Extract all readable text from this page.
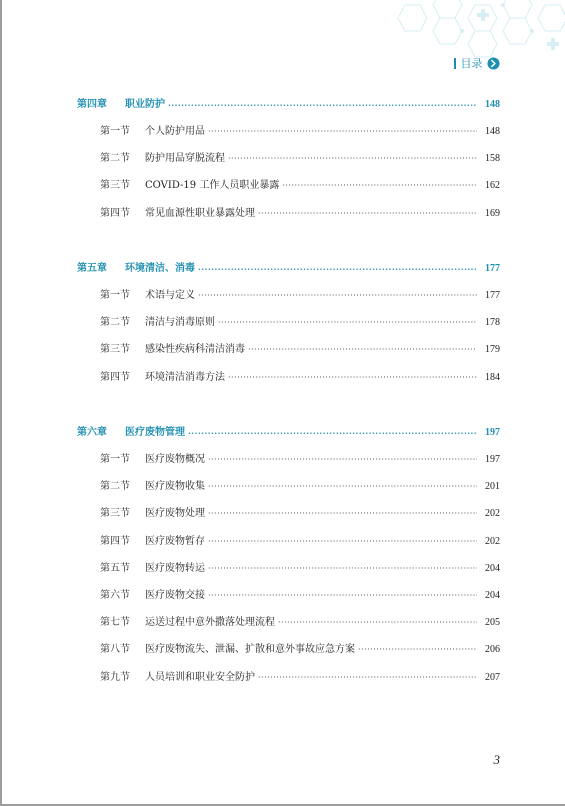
目录
第四章	职业防护 ·····	148
第一节	个人防护用品 ·····	148
第二节	防护用品穿脱流程 ·····	158
第三节	COVID-19 工作人员职业暴露 ·····	162
第四节	常见血源性职业暴露处理 ·····	169
第五章	环境清洁、消毒 ·····	177
第一节	术语与定义 ·····	177
第二节	清洁与消毒原则 ·····	178
第三节	感染性疾病科清洁消毒 ·····	179
第四节	环境清洁消毒方法 ·····	184
第六章	医疗废物管理 ·····	197
第一节	医疗废物概况 ·····	197
第二节	医疗废物收集 ·····	201
第三节	医疗废物处理 ·····	202
第四节	医疗废物暂存 ·····	202
第五节	医疗废物转运 ·····	204
第六节	医疗废物交接 ·····	204
第七节	运送过程中意外撒落处理流程 ·····	205
第八节	医疗废物流失、泄漏、扩散和意外事故应急方案 ·····	206
第九节	人员培训和职业安全防护 ·····	207
3
